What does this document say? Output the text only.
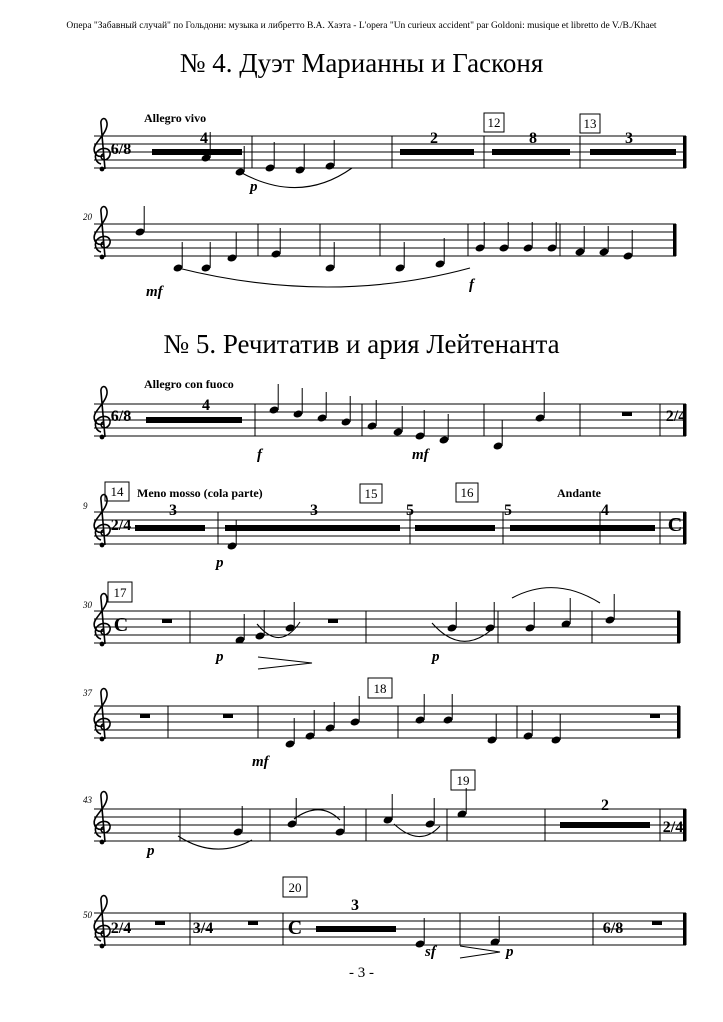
Опера "Забавный случай" по Гольдони: музыка и либретто В.А. Хаэта - L'opera "Un curieux accident" par Goldoni: musique et libretto de V./B./Khaet
№ 4. Дуэт Марианны и Гасконя
№ 5. Речитатив и ария Лейтенанта
- 3 -
Allegro vivo
Allegro con fuoco
Meno mosso (cola parte)	Andante
12	13
14	15	16
17
18
19
20
20
9
30
37
43
50
4	2	8	3
4
3	3	5	5	4
2
3
p
mf	f
f	mf
p
p	p
mf
p
sf	p
6/8
6/8	2/4
2/4	C
C
2/4
2/4	3/4	C	6/8
